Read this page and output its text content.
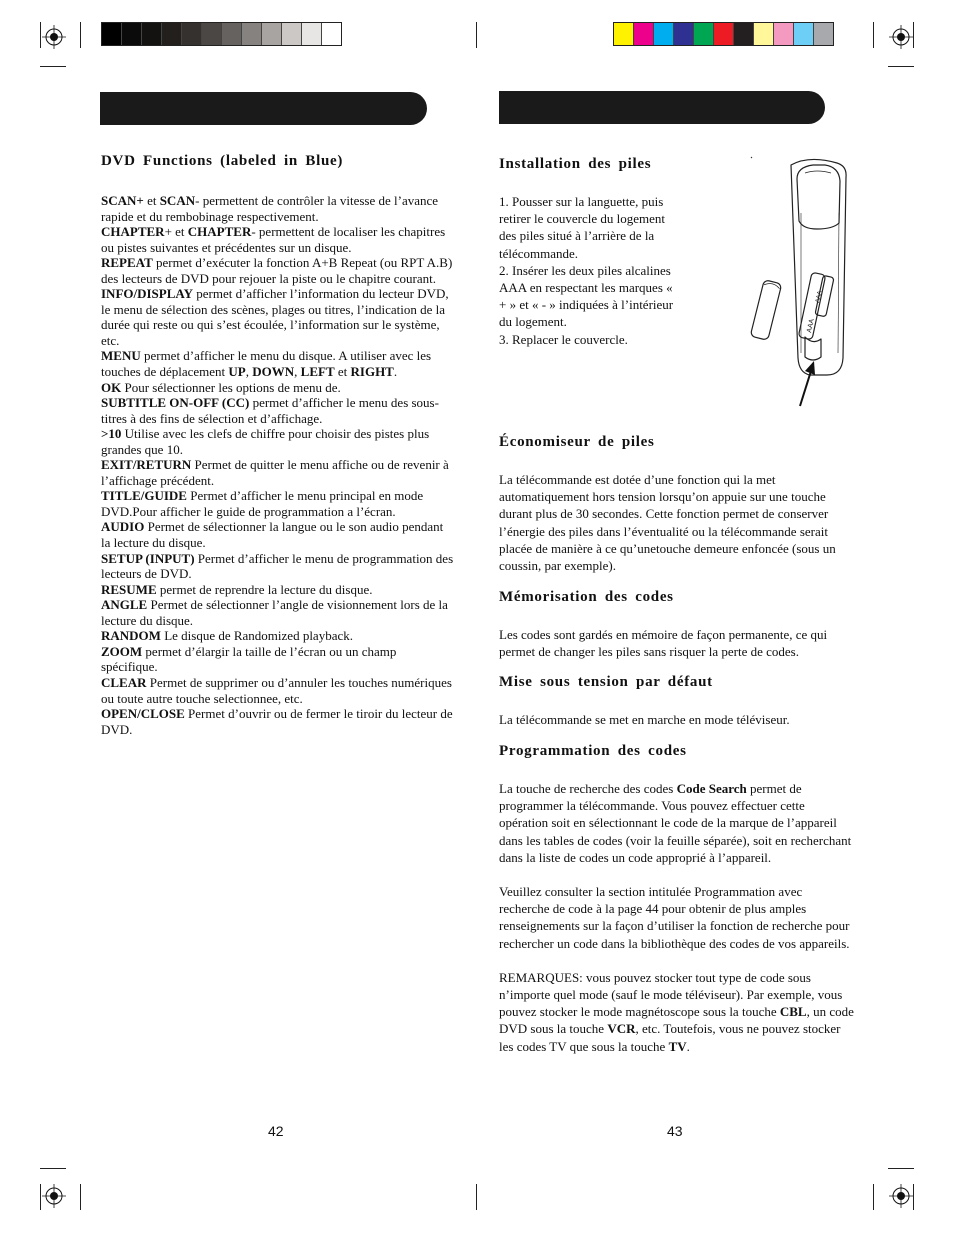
DVD Functions (labeled in Blue)

SCAN+ et SCAN- permettent de contrôler la vitesse de l’avance rapide et du rembobinage respectivement.

CHAPTER+ et CHAPTER- permettent de localiser les chapitres ou pistes suivantes et précédentes sur un disque.

REPEAT permet d’exécuter la fonction A+B Repeat (ou RPT A.B) des lecteurs de DVD pour rejouer la piste ou le chapitre courant.

INFO/DISPLAY permet d’afficher l’information du lecteur DVD, le menu de sélection des scènes, plages ou titres, l’indication de la durée qui reste ou qui s’est écoulée, l’information sur le système, etc.

MENU permet d’afficher le menu du disque. A utiliser avec les touches de déplacement UP, DOWN, LEFT et RIGHT.

OK Pour sélectionner les options de menu de.

SUBTITLE ON-OFF (CC) permet d’afficher le menu des sous-titres à des fins de sélection et d’affichage.

>10 Utilise avec les clefs de chiffre pour choisir des pistes plus grandes que 10.

EXIT/RETURN Permet de quitter le menu affiche ou de revenir à l’affichage précédent.

TITLE/GUIDE Permet d’afficher le menu principal en mode DVD.Pour afficher le guide de programmation a l’écran.

AUDIO Permet de sélectionner la langue ou le son audio pendant la lecture du disque.

SETUP (INPUT) Permet d’afficher le menu de programmation des lecteurs de DVD.

RESUME permet de reprendre la lecture du disque.

ANGLE Permet de sélectionner l’angle de visionnement lors de la lecture du disque.

RANDOM Le disque de Randomized playback.

ZOOM permet d’élargir la taille de l’écran ou un champ spécifique.

CLEAR Permet de supprimer ou d’annuler les touches numériques ou toute autre touche selectionnee, etc.

OPEN/CLOSE Permet d’ouvrir ou de fermer le tiroir du lecteur de DVD.

42
Installation des piles
1. Pousser sur la languette, puis
retirer le couvercle du logement
des piles situé à l’arrière de la
télécommande.
2. Insérer les deux piles alcalines
AAA en respectant les marques «
+ » et « - » indiquées à l’intérieur
du logement.
3. Replacer le couvercle.
AAA
AAA
Économiseur de piles
La télécommande est dotée d’une fonction qui la met automatiquement hors tension lorsqu’on appuie sur une touche durant plus de 30 secondes. Cette fonction permet de conserver l’énergie des piles dans l’éventualité ou la télécommande serait placée de manière à ce qu’unetouche demeure enfoncée (sous un coussin, par exemple).
Mémorisation des codes
Les codes sont gardés en mémoire de façon permanente, ce qui permet de changer les piles sans risquer la perte de codes.
Mise sous tension par défaut
La télécommande se met en marche en mode téléviseur.
Programmation des codes

La touche de recherche des codes Code Search permet de programmer la télécommande. Vous pouvez effectuer cette opération soit en sélectionnant le code de la marque de l’appareil dans les tables de codes (voir la feuille séparée), soit en recherchant dans la liste de codes un code approprié à l’appareil.

Veuillez consulter la section intitulée Programmation avec recherche de code à la page 44 pour obtenir de plus amples renseignements sur la façon d’utiliser la fonction de recherche pour rechercher un code dans la bibliothèque des codes de vos appareils.

REMARQUES: vous pouvez stocker tout type de code sous n’importe quel mode (sauf le mode téléviseur). Par exemple, vous pouvez stocker le mode magnétoscope sous la touche CBL, un code DVD sous la touche VCR, etc. Toutefois, vous ne pouvez stocker les codes TV que sous la touche TV.

43
